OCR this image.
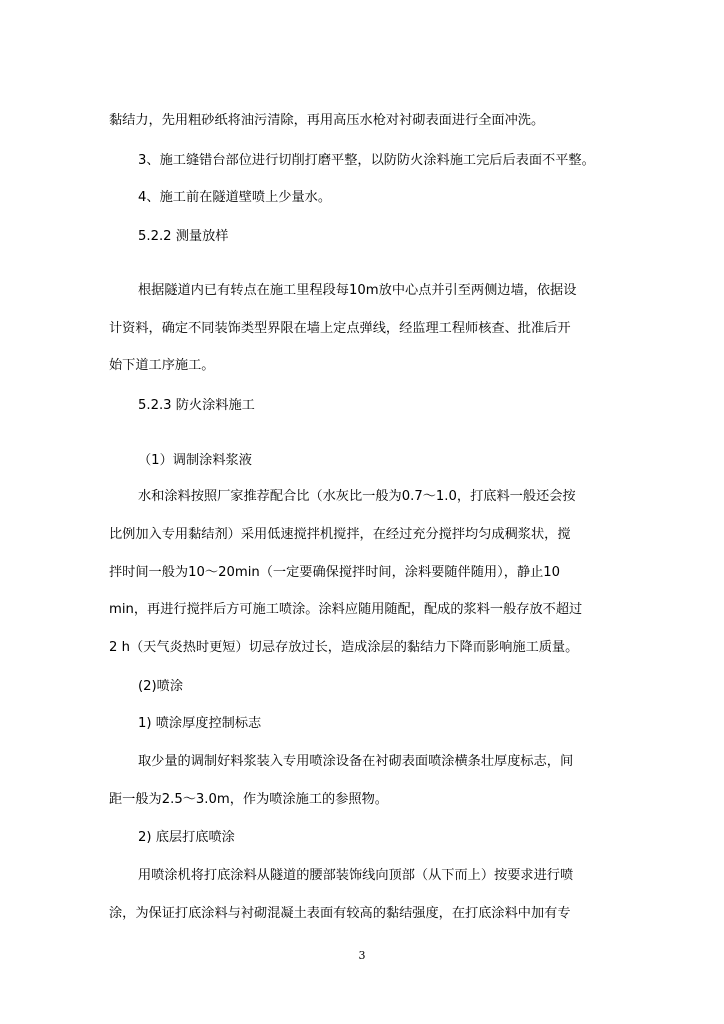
黏结力，先用粗砂纸将油污清除，再用高压水枪对衬砌表面进行全面冲洗。
3、施工缝错台部位进行切削打磨平整，以防防火涂料施工完后后表面不平整。
4、施工前在隧道壁喷上少量水。
5.2.2 测量放样
根据隧道内已有转点在施工里程段每10m放中心点并引至两侧边墙，依据设
计资料，确定不同装饰类型界限在墙上定点弹线，经监理工程师核查、批准后开
始下道工序施工。
5.2.3 防火涂料施工
（1）调制涂料浆液
水和涂料按照厂家推荐配合比（水灰比一般为0.7～1.0，打底料一般还会按
比例加入专用黏结剂）采用低速搅拌机搅拌，在经过充分搅拌均匀成稠浆状，搅
拌时间一般为10～20min（一定要确保搅拌时间，涂料要随伴随用），静止10
min，再进行搅拌后方可施工喷涂。涂料应随用随配，配成的浆料一般存放不超过
2 h（天气炎热时更短）切忌存放过长，造成涂层的黏结力下降而影响施工质量。
(2)喷涂
1) 喷涂厚度控制标志
取少量的调制好料浆装入专用喷涂设备在衬砌表面喷涂横条壮厚度标志，间
距一般为2.5～3.0m，作为喷涂施工的参照物。
2) 底层打底喷涂
用喷涂机将打底涂料从隧道的腰部装饰线向顶部（从下而上）按要求进行喷
涂，为保证打底涂料与衬砌混凝土表面有较高的黏结强度，在打底涂料中加有专
3
